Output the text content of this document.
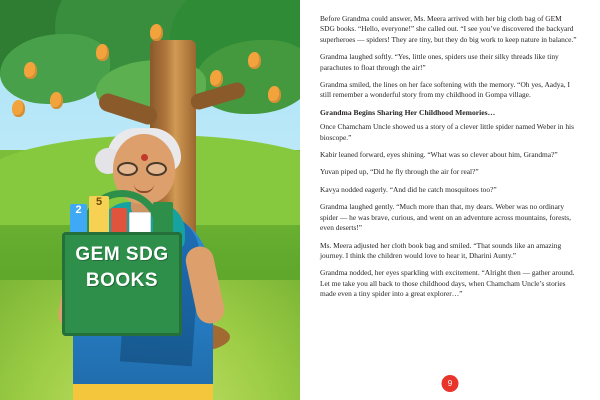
2
5
GEM SDG BOOKS

Before Grandma could answer, Ms. Meera arrived with her big cloth bag of GEM SDG books. “Hello, everyone!” she called out. “I see you’ve discovered the backyard superheroes — spiders! They are tiny, but they do big work to keep nature in balance.”

Grandma laughed softly. “Yes, little ones, spiders use their silky threads like tiny parachutes to float through the air!”

Grandma smiled, the lines on her face softening with the memory. “Oh yes, Aadya, I still remember a wonderful story from my childhood in Gompa village.

Grandma Begins Sharing Her Childhood Memories…

Once Chamcham Uncle showed us a story of a clever little spider named Weber in his bioscope.”

Kabir leaned forward, eyes shining. “What was so clever about him, Grandma?”

Yuvan piped up, “Did he fly through the air for real?”

Kavya nodded eagerly. “And did he catch mosquitoes too?”

Grandma laughed gently. “Much more than that, my dears. Weber was no ordinary spider — he was brave, curious, and went on an adventure across mountains, forests, even deserts!”

Ms. Meera adjusted her cloth book bag and smiled. “That sounds like an amazing journey. I think the children would love to hear it, Dharini Aunty.”

Grandma nodded, her eyes sparkling with excitement. “Alright then — gather around. Let me take you all back to those childhood days, when Chamcham Uncle’s stories made even a tiny spider into a great explorer…”

9
